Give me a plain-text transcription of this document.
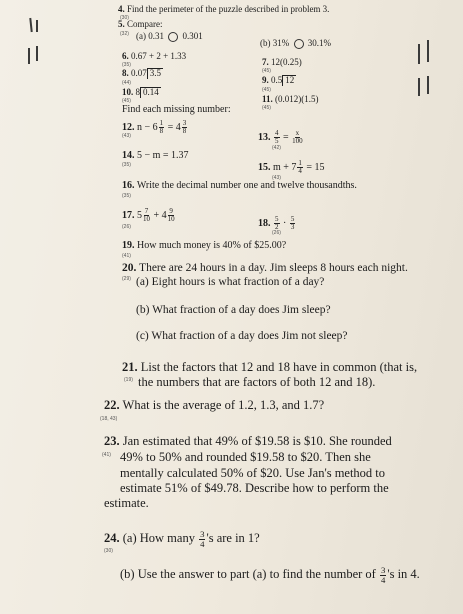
4. Find the perimeter of the puzzle described in problem 3.
(30)
5. Compare:
(32) (a) 0.31 0.301
(b) 31% 30.1%
6. 0.67 + 2 + 1.33
(35)	7. 12(0.25)
(45)
8. 0.07 3.5
(44)	9. 0.5 12
(45)
10. 8 0.14
(45)	11. (0.012)(1.5)
(45)
Find each missing number:
12. $n - 6 \frac{1}{8} = 4 \frac{3}{8}$
(43)	13. $\frac{4}{5} = \frac{x}{100}$
(42)
14. 5 − m = 1.37
(35)	15. $m + 7 \frac{1}{4} = 15$
(43)
16. Write the decimal number one and twelve thousandths.
(35)
17. $5 \frac{7}{10} + 4 \frac{9}{10}$
(26)	18. $\frac{5}{2} \cdot \frac{5}{3}$
(26)
19. How much money is 40% of $25.00?
(41)
20. There are 24 hours in a day. Jim sleeps 8 hours each night.
(29) (a) Eight hours is what fraction of a day?
(b) What fraction of a day does Jim sleep?
(c) What fraction of a day does Jim not sleep?
21. List the factors that 12 and 18 have in common (that is,
(19) the numbers that are factors of both 12 and 18).
22. What is the average of 1.2, 1.3, and 1.7?
(18, 43)
23. Jan estimated that 49% of $19.58 is $10. She rounded
(41) 49% to 50% and rounded $19.58 to $20. Then she
mentally calculated 50% of $20. Use Jan's method to
estimate 51% of $49.78. Describe how to perform the
estimate.
24. (a) How many $\frac{3}{4}$ 's are in 1?
(30)
(b) Use the answer to part (a) to find the number of $\frac{3}{4}$ 's in 4.
